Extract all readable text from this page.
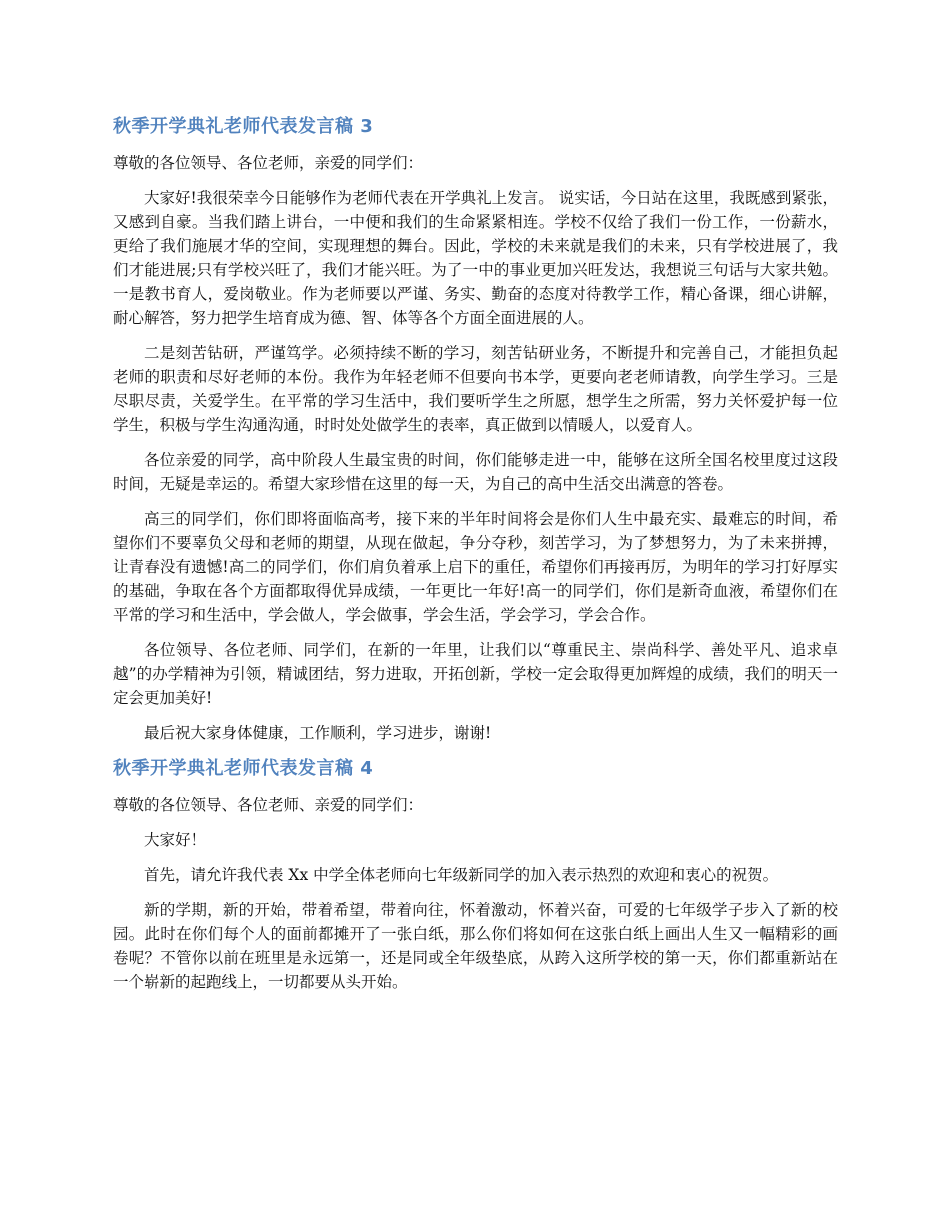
秋季开学典礼老师代表发言稿 3

尊敬的各位领导、各位老师，亲爱的同学们：

大家好!我很荣幸今日能够作为老师代表在开学典礼上发言。 说实话，今日站在这里，我既感到紧张，又感到自豪。当我们踏上讲台，一中便和我们的生命紧紧相连。学校不仅给了我们一份工作，一份薪水，更给了我们施展才华的空间，实现理想的舞台。因此，学校的未来就是我们的未来，只有学校进展了，我们才能进展;只有学校兴旺了，我们才能兴旺。为了一中的事业更加兴旺发达，我想说三句话与大家共勉。一是教书育人，爱岗敬业。作为老师要以严谨、务实、勤奋的态度对待教学工作，精心备课，细心讲解，耐心解答，努力把学生培育成为德、智、体等各个方面全面进展的人。

二是刻苦钻研，严谨笃学。必须持续不断的学习，刻苦钻研业务，不断提升和完善自己，才能担负起老师的职责和尽好老师的本份。我作为年轻老师不但要向书本学，更要向老老师请教，向学生学习。三是尽职尽责，关爱学生。在平常的学习生活中，我们要听学生之所愿，想学生之所需，努力关怀爱护每一位学生，积极与学生沟通沟通，时时处处做学生的表率，真正做到以情暖人，以爱育人。

各位亲爱的同学，高中阶段人生最宝贵的时间，你们能够走进一中，能够在这所全国名校里度过这段时间，无疑是幸运的。希望大家珍惜在这里的每一天，为自己的高中生活交出满意的答卷。

高三的同学们，你们即将面临高考，接下来的半年时间将会是你们人生中最充实、最难忘的时间，希望你们不要辜负父母和老师的期望，从现在做起，争分夺秒，刻苦学习，为了梦想努力，为了未来拼搏，让青春没有遗憾!高二的同学们，你们肩负着承上启下的重任，希望你们再接再厉，为明年的学习打好厚实的基础，争取在各个方面都取得优异成绩，一年更比一年好!高一的同学们，你们是新奇血液，希望你们在平常的学习和生活中，学会做人，学会做事，学会生活，学会学习，学会合作。

各位领导、各位老师、同学们，在新的一年里，让我们以“尊重民主、崇尚科学、善处平凡、追求卓越”的办学精神为引领，精诚团结，努力进取，开拓创新，学校一定会取得更加辉煌的成绩，我们的明天一定会更加美好!

最后祝大家身体健康，工作顺利，学习进步，谢谢!

秋季开学典礼老师代表发言稿 4

尊敬的各位领导、各位老师、亲爱的同学们：

大家好！

首先，请允许我代表 Xx 中学全体老师向七年级新同学的加入表示热烈的欢迎和衷心的祝贺。

新的学期，新的开始，带着希望，带着向往，怀着激动，怀着兴奋，可爱的七年级学子步入了新的校园。此时在你们每个人的面前都摊开了一张白纸，那么你们将如何在这张白纸上画出人生又一幅精彩的画卷呢？不管你以前在班里是永远第一，还是同或全年级垫底，从跨入这所学校的第一天，你们都重新站在一个崭新的起跑线上，一切都要从头开始。
